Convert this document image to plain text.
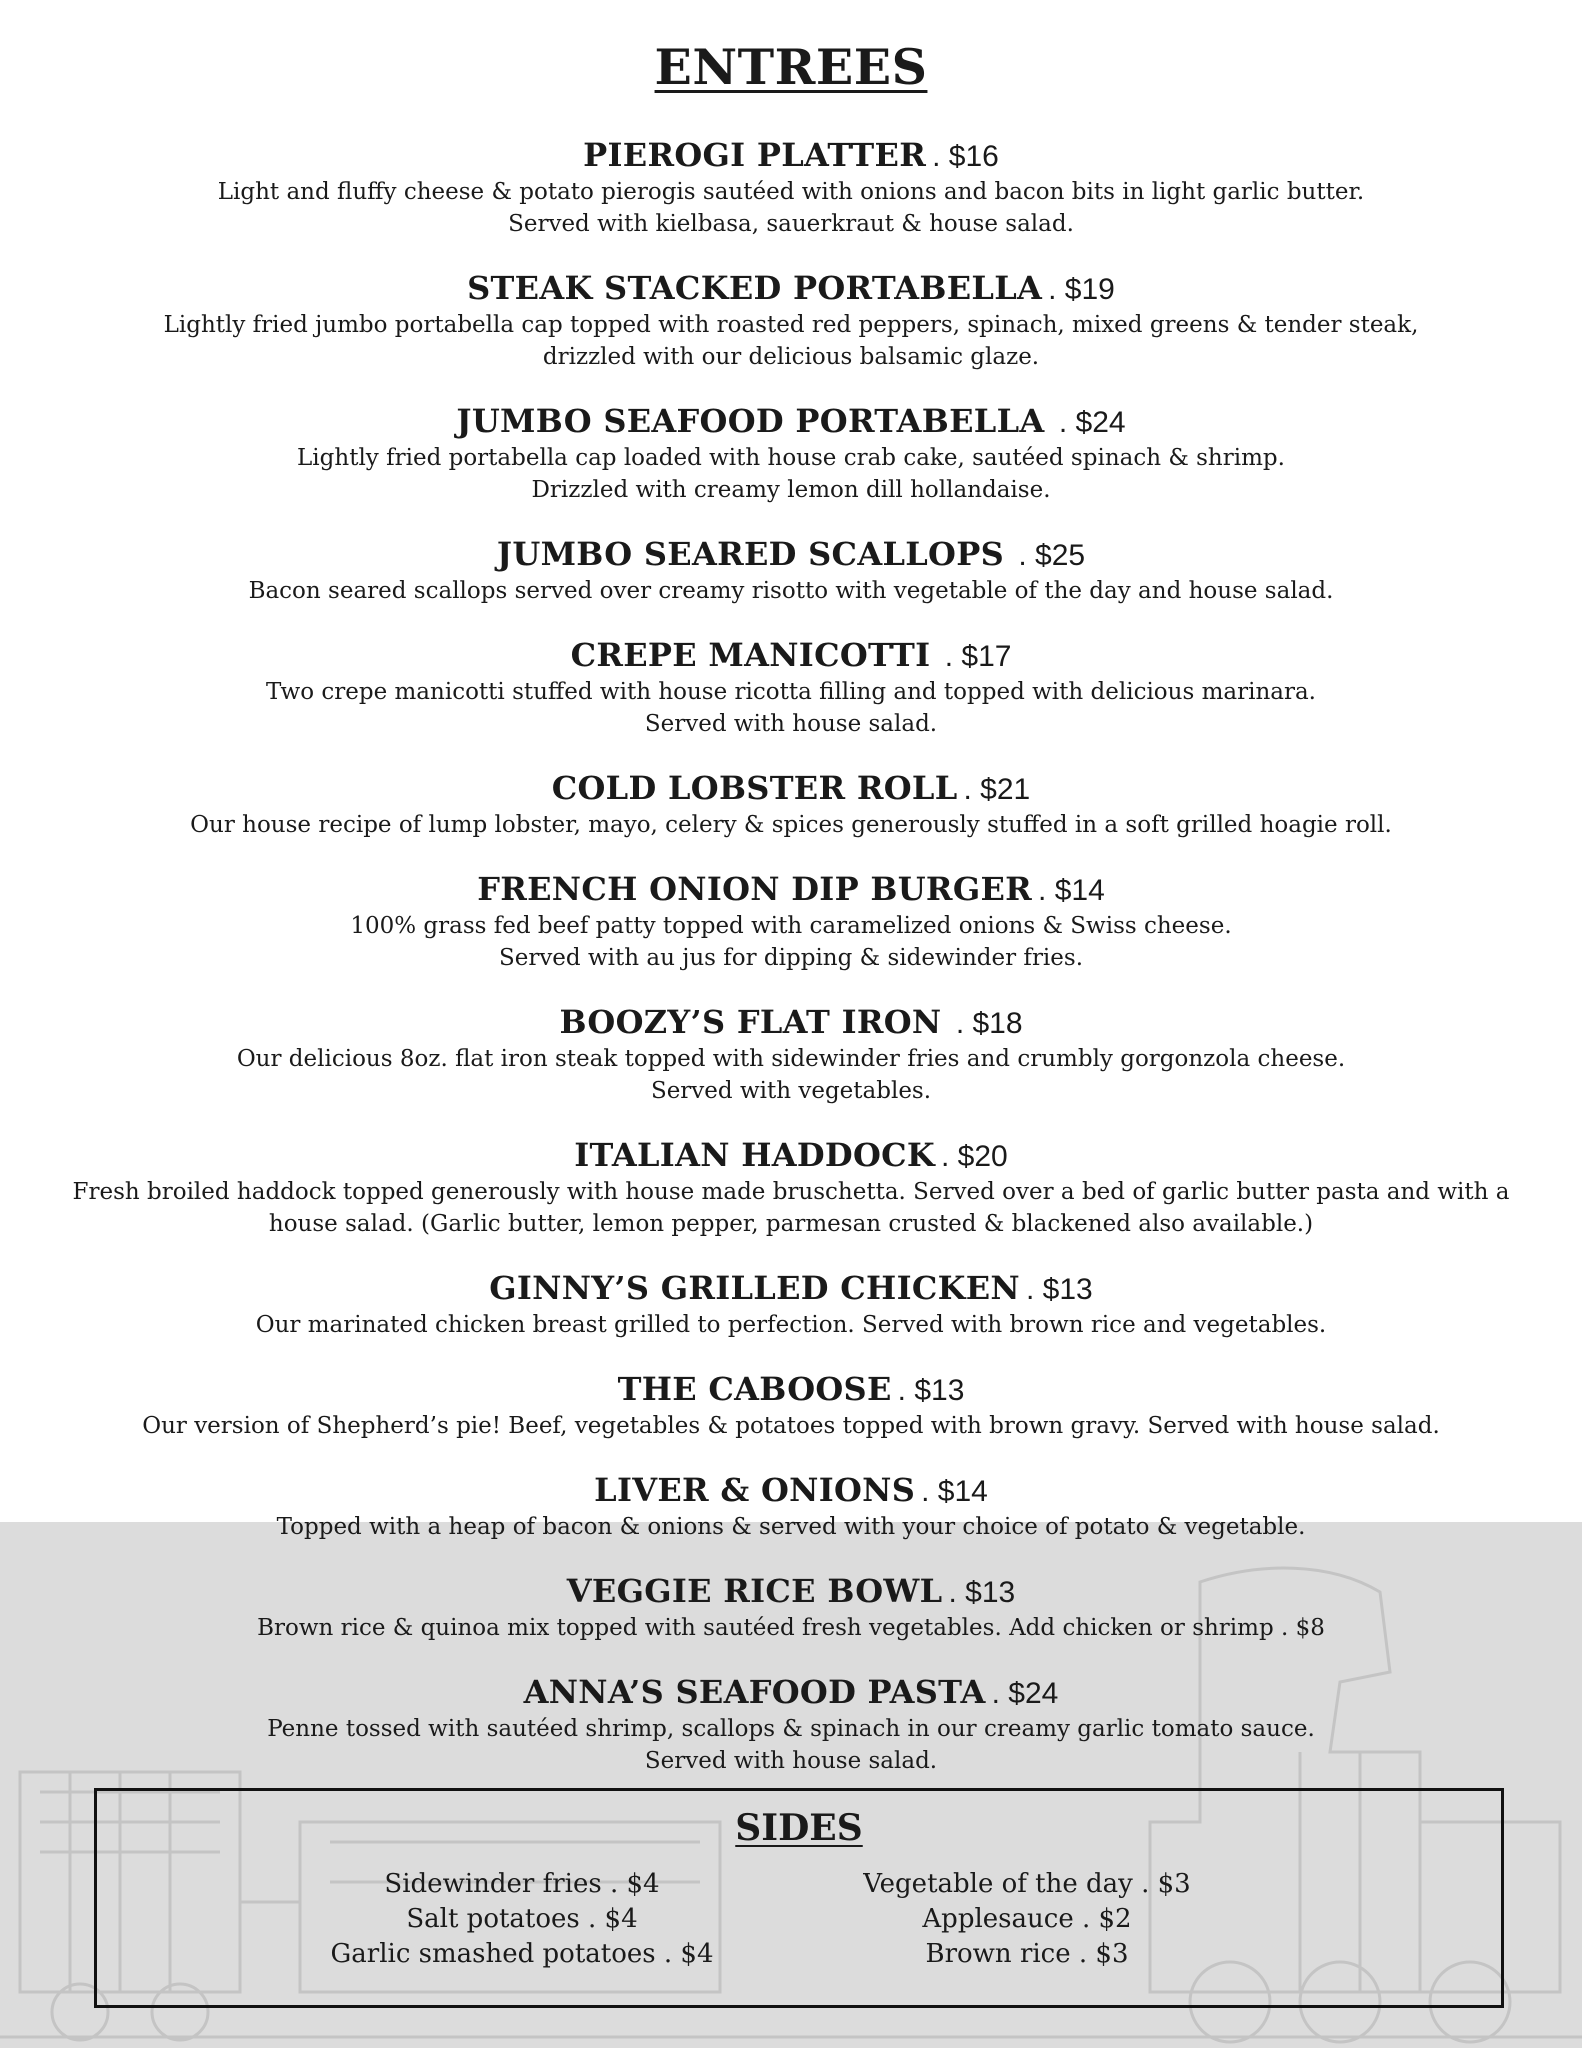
ENTREES
PIEROGI PLATTER . $16
Light and fluffy cheese & potato pierogis sautéed with onions and bacon bits in light garlic butter.
Served with kielbasa, sauerkraut & house salad.
STEAK STACKED PORTABELLA . $19
Lightly fried jumbo portabella cap topped with roasted red peppers, spinach, mixed greens & tender steak,
drizzled with our delicious balsamic glaze.
JUMBO SEAFOOD PORTABELLA . $24
Lightly fried portabella cap loaded with house crab cake, sautéed spinach & shrimp.
Drizzled with creamy lemon dill hollandaise.
JUMBO SEARED SCALLOPS . $25
Bacon seared scallops served over creamy risotto with vegetable of the day and house salad.
CREPE MANICOTTI . $17
Two crepe manicotti stuffed with house ricotta filling and topped with delicious marinara.
Served with house salad.
COLD LOBSTER ROLL . $21
Our house recipe of lump lobster, mayo, celery & spices generously stuffed in a soft grilled hoagie roll.
FRENCH ONION DIP BURGER . $14
100% grass fed beef patty topped with caramelized onions & Swiss cheese.
Served with au jus for dipping & sidewinder fries.
BOOZY’S FLAT IRON . $18
Our delicious 8oz. flat iron steak topped with sidewinder fries and crumbly gorgonzola cheese.
Served with vegetables.
ITALIAN HADDOCK . $20
Fresh broiled haddock topped generously with house made bruschetta. Served over a bed of garlic butter pasta and with a
house salad. (Garlic butter, lemon pepper, parmesan crusted & blackened also available.)
GINNY’S GRILLED CHICKEN . $13
Our marinated chicken breast grilled to perfection. Served with brown rice and vegetables.
THE CABOOSE . $13
Our version of Shepherd’s pie! Beef, vegetables & potatoes topped with brown gravy. Served with house salad.
LIVER & ONIONS . $14
Topped with a heap of bacon & onions & served with your choice of potato & vegetable.
VEGGIE RICE BOWL . $13
Brown rice & quinoa mix topped with sautéed fresh vegetables. Add chicken or shrimp . $8
ANNA’S SEAFOOD PASTA . $24
Penne tossed with sautéed shrimp, scallops & spinach in our creamy garlic tomato sauce.
Served with house salad.
SIDES
Sidewinder fries . $4
Salt potatoes . $4
Garlic smashed potatoes . $4
Vegetable of the day . $3
Applesauce . $2
Brown rice . $3
